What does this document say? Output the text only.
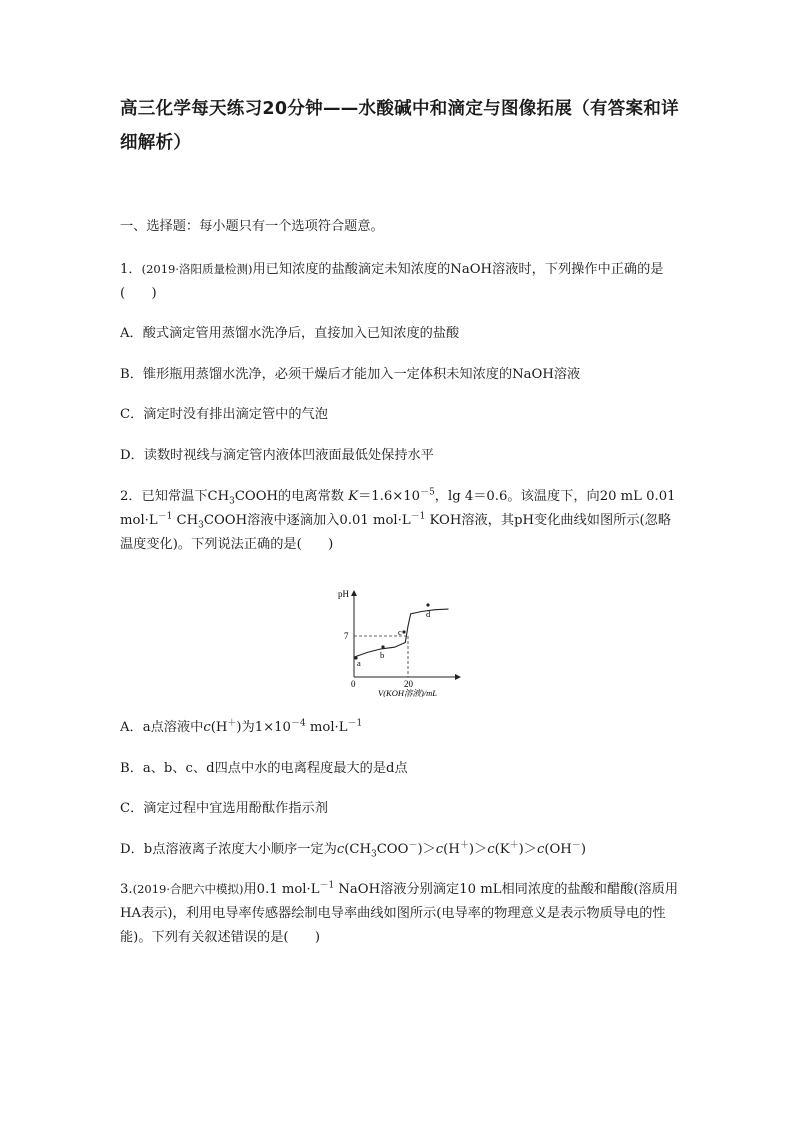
高三化学每天练习20分钟——水酸碱中和滴定与图像拓展（有答案和详细解析）
一、选择题：每小题只有一个选项符合题意。
1．(2019·洛阳质量检测)用已知浓度的盐酸滴定未知浓度的NaOH溶液时，下列操作中正确的是(　　)
A．酸式滴定管用蒸馏水洗净后，直接加入已知浓度的盐酸
B．锥形瓶用蒸馏水洗净，必须干燥后才能加入一定体积未知浓度的NaOH溶液
C．滴定时没有排出滴定管中的气泡
D．读数时视线与滴定管内液体凹液面最低处保持水平
2．已知常温下$CH_3COOH$的电离常数 $K=1.6\times 10^{-5}$，lg 4＝0.6。该温度下，向20 mL 0.01 $mol\cdot L^{-1}$ $CH_3COOH$溶液中逐滴加入0.01 $mol\cdot L^{-1}$ KOH溶液，其pH变化曲线如图所示(忽略温度变化)。下列说法正确的是(　　)
pH
7
0	20
V(KOH溶液)/mL
a
b
c
d
A．a点溶液中c(H＋)为$1\times 10^{-4}$ $mol\cdot L^{-1}$
B．a、b、c、d四点中水的电离程度最大的是d点
C．滴定过程中宜选用酚酞作指示剂
D．b点溶液离子浓度大小顺序一定为$c(CH_3COO^-)>c(H^+)>c(K^+)>c(OH^-)$
3.(2019·合肥六中模拟)用0.1 $mol\cdot L^{-1}$ NaOH溶液分别滴定10 mL相同浓度的盐酸和醋酸(溶质用HA表示)，利用电导率传感器绘制电导率曲线如图所示(电导率的物理意义是表示物质导电的性能)。下列有关叙述错误的是(　　)
